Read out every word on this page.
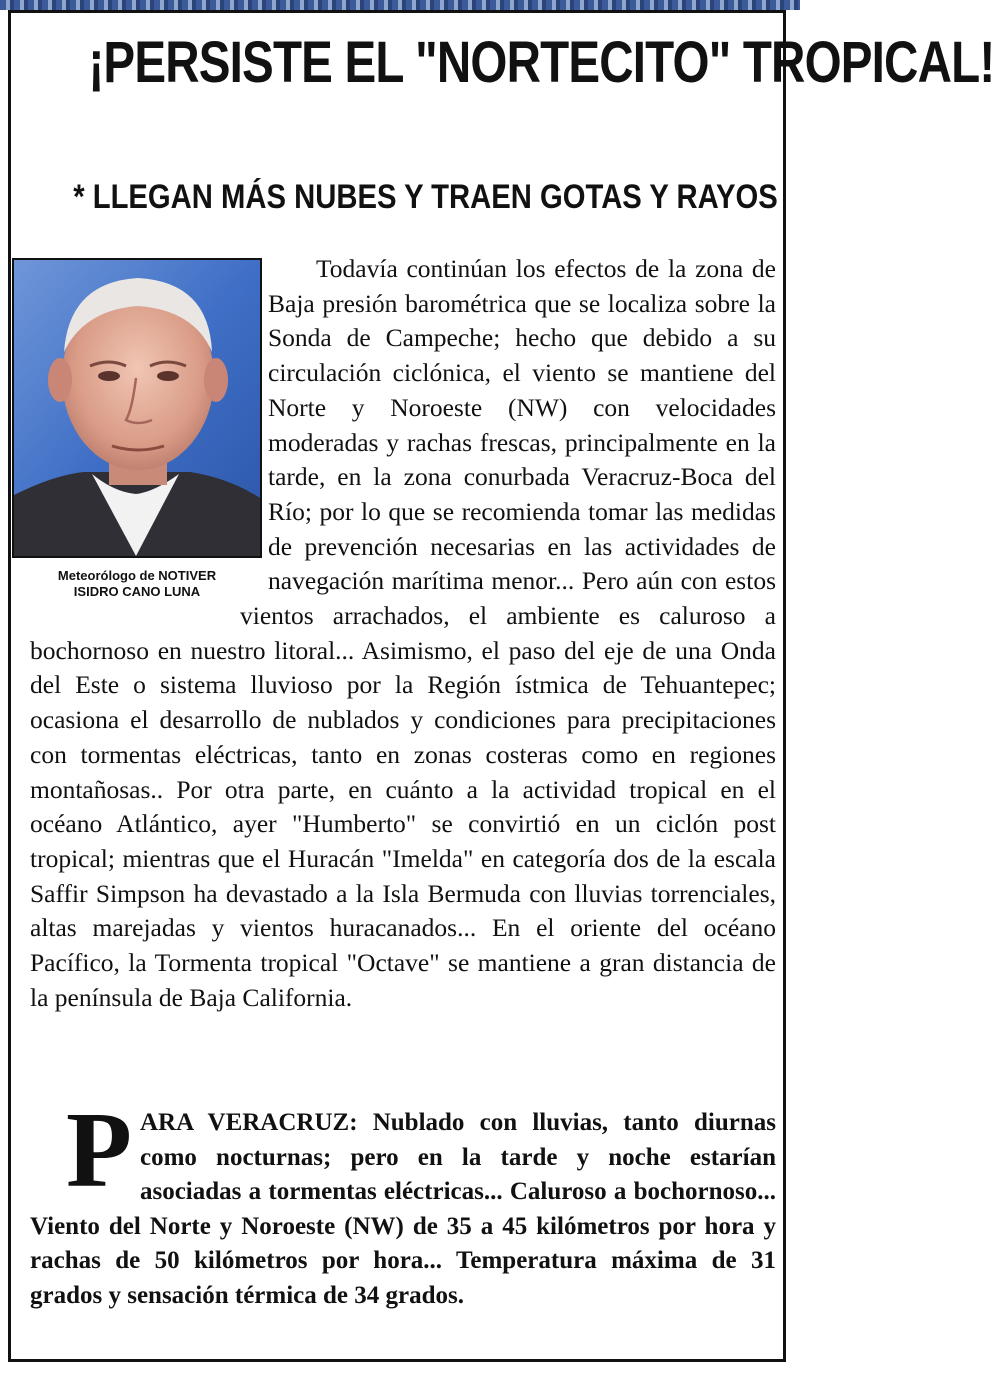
¡PERSISTE EL "NORTECITO" TROPICAL!
* LLEGAN MÁS NUBES Y TRAEN GOTAS Y RAYOS
Meteorólogo de NOTIVER
ISIDRO CANO LUNA
Todavía continúan los efectos de la zona de Baja presión barométrica que se localiza sobre la Sonda de Campeche; hecho que debido a su circulación ciclónica, el viento se mantiene del Norte y Noroeste (NW) con velocidades moderadas y rachas frescas, principalmente en la tarde, en la zona conurbada Veracruz-Boca del Río; por lo que se recomienda tomar las medidas de prevención necesarias en las actividades de navegación marítima menor... Pero aún con estos vientos arrachados, el ambiente es caluroso a bochornoso en nuestro litoral... Asimismo, el paso del eje de una Onda del Este o sistema lluvioso por la Región ístmica de Tehuantepec; ocasiona el desarrollo de nublados y condiciones para precipitaciones con tormentas eléctricas, tanto en zonas costeras como en regiones montañosas.. Por otra parte, en cuánto a la actividad tropical en el océano Atlántico, ayer "Humberto" se convirtió en un ciclón post tropical; mientras que el Huracán "Imelda" en categoría dos de la escala Saffir Simpson ha devastado a la Isla Bermuda con lluvias torrenciales, altas marejadas y vientos huracanados... En el oriente del océano Pacífico, la Tormenta tropical "Octave" se mantiene a gran distancia de la península de Baja California.
PARA VERACRUZ: Nublado con lluvias, tanto diurnas como nocturnas; pero en la tarde y noche estarían asociadas a tormentas eléctricas... Caluroso a bochornoso... Viento del Norte y Noroeste (NW) de 35 a 45 kilómetros por hora y rachas de 50 kilómetros por hora... Temperatura máxima de 31 grados y sensación térmica de 34 grados.
